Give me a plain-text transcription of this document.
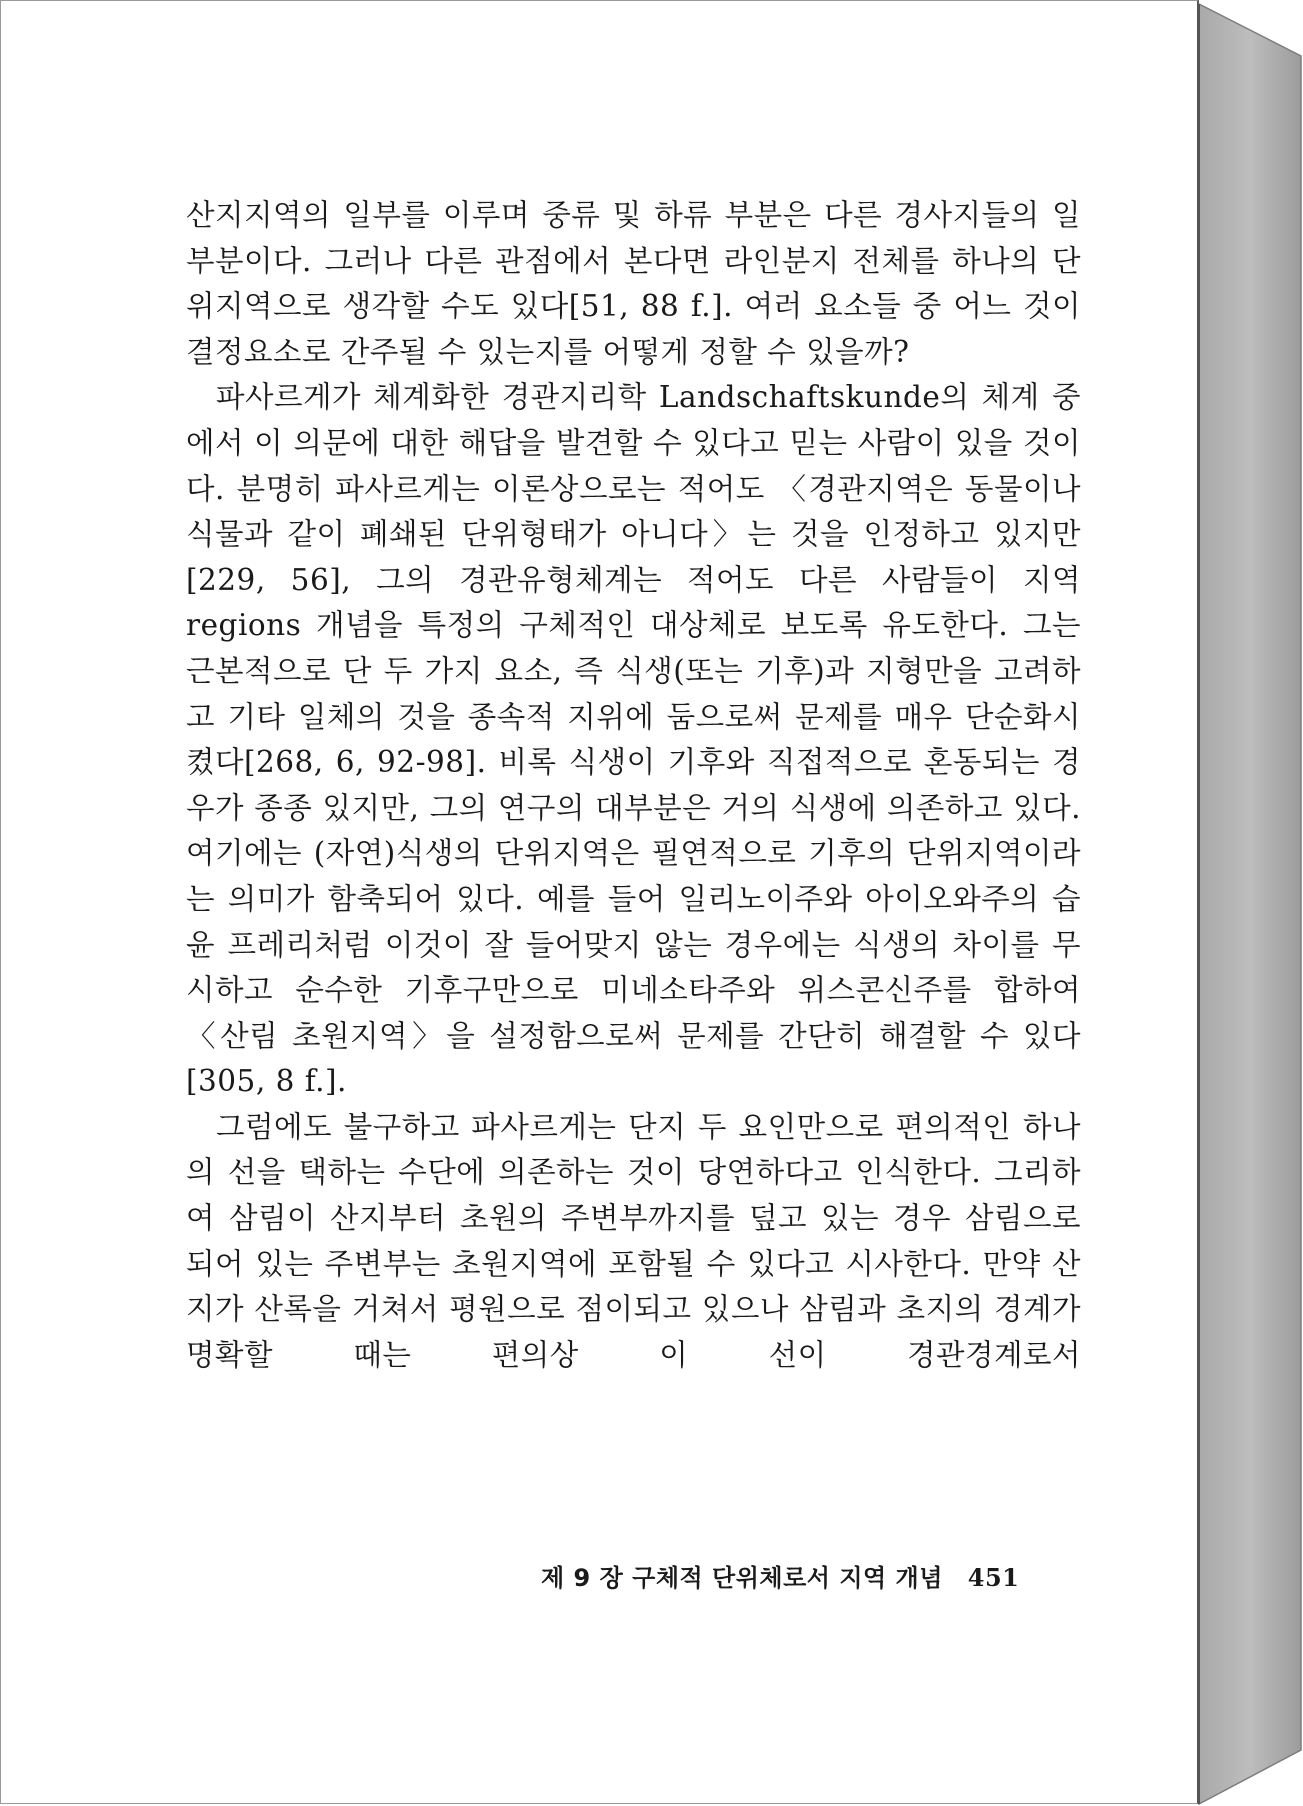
산지지역의 일부를 이루며 중류 및 하류 부분은 다른 경사지들의 일부분이다. 그러나 다른 관점에서 본다면 라인분지 전체를 하나의 단위지역으로 생각할 수도 있다[51, 88 f.]. 여러 요소들 중 어느 것이 결정요소로 간주될 수 있는지를 어떻게 정할 수 있을까?

파사르게가 체계화한 경관지리학 Landschaftskunde의 체계 중에서 이 의문에 대한 해답을 발견할 수 있다고 믿는 사람이 있을 것이다. 분명히 파사르게는 이론상으로는 적어도 〈경관지역은 동물이나 식물과 같이 폐쇄된 단위형태가 아니다〉는 것을 인정하고 있지만[229, 56], 그의 경관유형체계는 적어도 다른 사람들이 지역 regions 개념을 특정의 구체적인 대상체로 보도록 유도한다. 그는 근본적으로 단 두 가지 요소, 즉 식생(또는 기후)과 지형만을 고려하고 기타 일체의 것을 종속적 지위에 둠으로써 문제를 매우 단순화시켰다[268, 6, 92-98]. 비록 식생이 기후와 직접적으로 혼동되는 경우가 종종 있지만, 그의 연구의 대부분은 거의 식생에 의존하고 있다. 여기에는 (자연)식생의 단위지역은 필연적으로 기후의 단위지역이라는 의미가 함축되어 있다. 예를 들어 일리노이주와 아이오와주의 습윤 프레리처럼 이것이 잘 들어맞지 않는 경우에는 식생의 차이를 무시하고 순수한 기후구만으로 미네소타주와 위스콘신주를 합하여 〈산림 초원지역〉을 설정함으로써 문제를 간단히 해결할 수 있다[305, 8 f.].

그럼에도 불구하고 파사르게는 단지 두 요인만으로 편의적인 하나의 선을 택하는 수단에 의존하는 것이 당연하다고 인식한다. 그리하여 삼림이 산지부터 초원의 주변부까지를 덮고 있는 경우 삼림으로 되어 있는 주변부는 초원지역에 포함될 수 있다고 시사한다. 만약 산지가 산록을 거쳐서 평원으로 점이되고 있으나 삼림과 초지의 경계가 명확할 때는 편의상 이 선이 경관경계로서

제 9 장 구체적 단위체로서 지역 개념 451
